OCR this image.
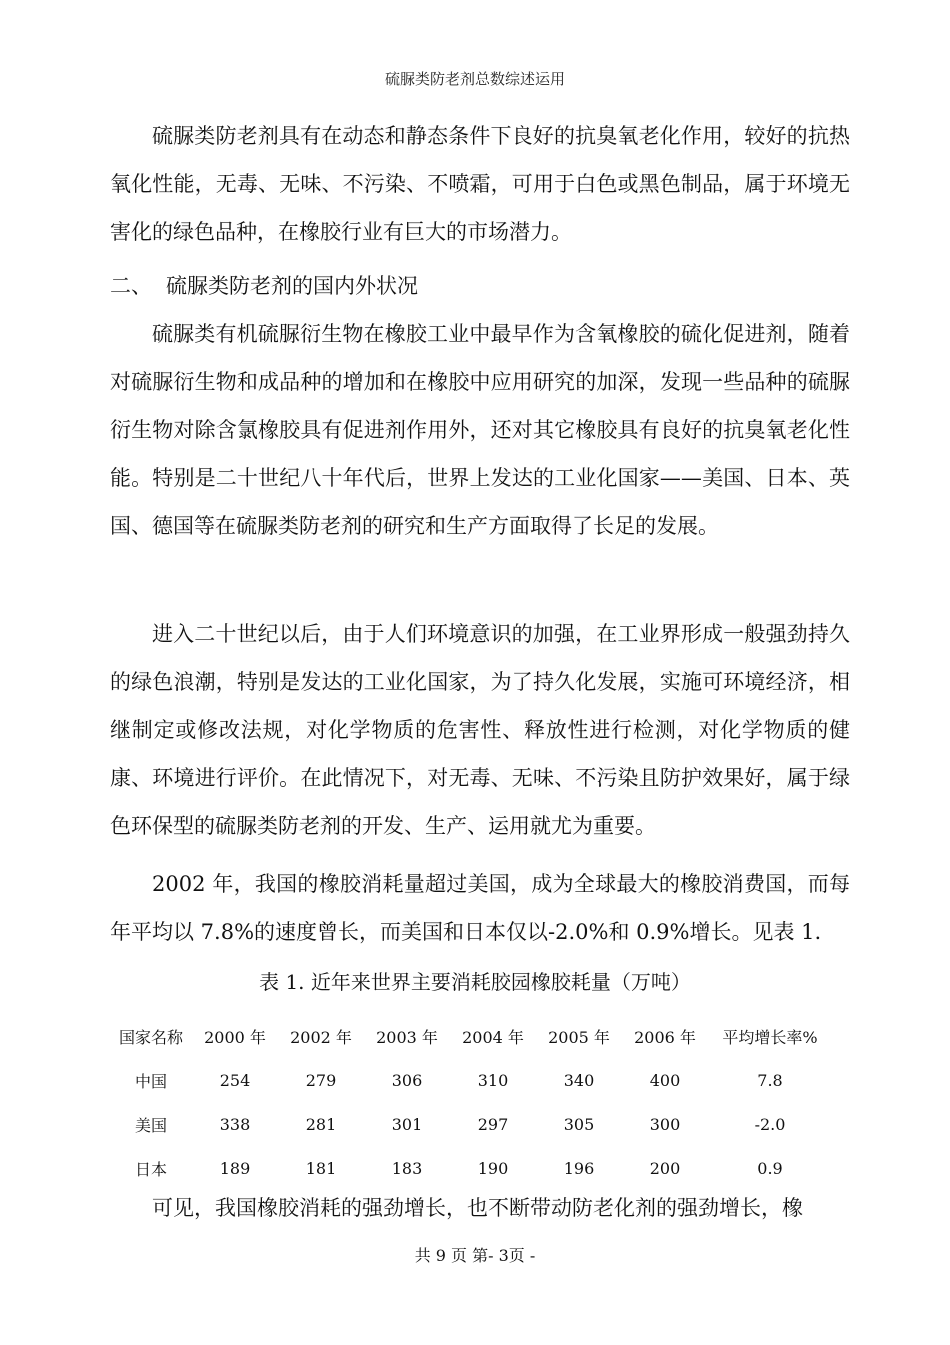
硫脲类防老剂总数综述运用

硫脲类防老剂具有在动态和静态条件下良好的抗臭氧老化作用，较好的抗热氧化性能，无毒、无味、不污染、不喷霜，可用于白色或黑色制品，属于环境无害化的绿色品种，在橡胶行业有巨大的市场潜力。

二、 硫脲类防老剂的国内外状况

硫脲类有机硫脲衍生物在橡胶工业中最早作为含氧橡胶的硫化促进剂，随着对硫脲衍生物和成品种的增加和在橡胶中应用研究的加深，发现一些品种的硫脲衍生物对除含氯橡胶具有促进剂作用外，还对其它橡胶具有良好的抗臭氧老化性能。特别是二十世纪八十年代后，世界上发达的工业化国家——美国、日本、英国、德国等在硫脲类防老剂的研究和生产方面取得了长足的发展。

进入二十世纪以后，由于人们环境意识的加强，在工业界形成一般强劲持久的绿色浪潮，特别是发达的工业化国家，为了持久化发展，实施可环境经济，相继制定或修改法规，对化学物质的危害性、释放性进行检测，对化学物质的健康、环境进行评价。在此情况下，对无毒、无味、不污染且防护效果好，属于绿色环保型的硫脲类防老剂的开发、生产、运用就尤为重要。

2002 年，我国的橡胶消耗量超过美国，成为全球最大的橡胶消费国，而每年平均以 7.8%的速度曾长，而美国和日本仅以-2.0%和 0.9%增长。见表 1.

表 1. 近年来世界主要消耗胶园橡胶耗量（万吨）
国家名称	2000 年	2002 年	2003 年	2004 年	2005 年	2006 年	平均增长率%
中国	254	279	306	310	340	400	7.8
美国	338	281	301	297	305	300	-2.0
日本	189	181	183	190	196	200	0.9

可见，我国橡胶消耗的强劲增长，也不断带动防老化剂的强劲增长，橡

共 9 页 第- 3页 -
